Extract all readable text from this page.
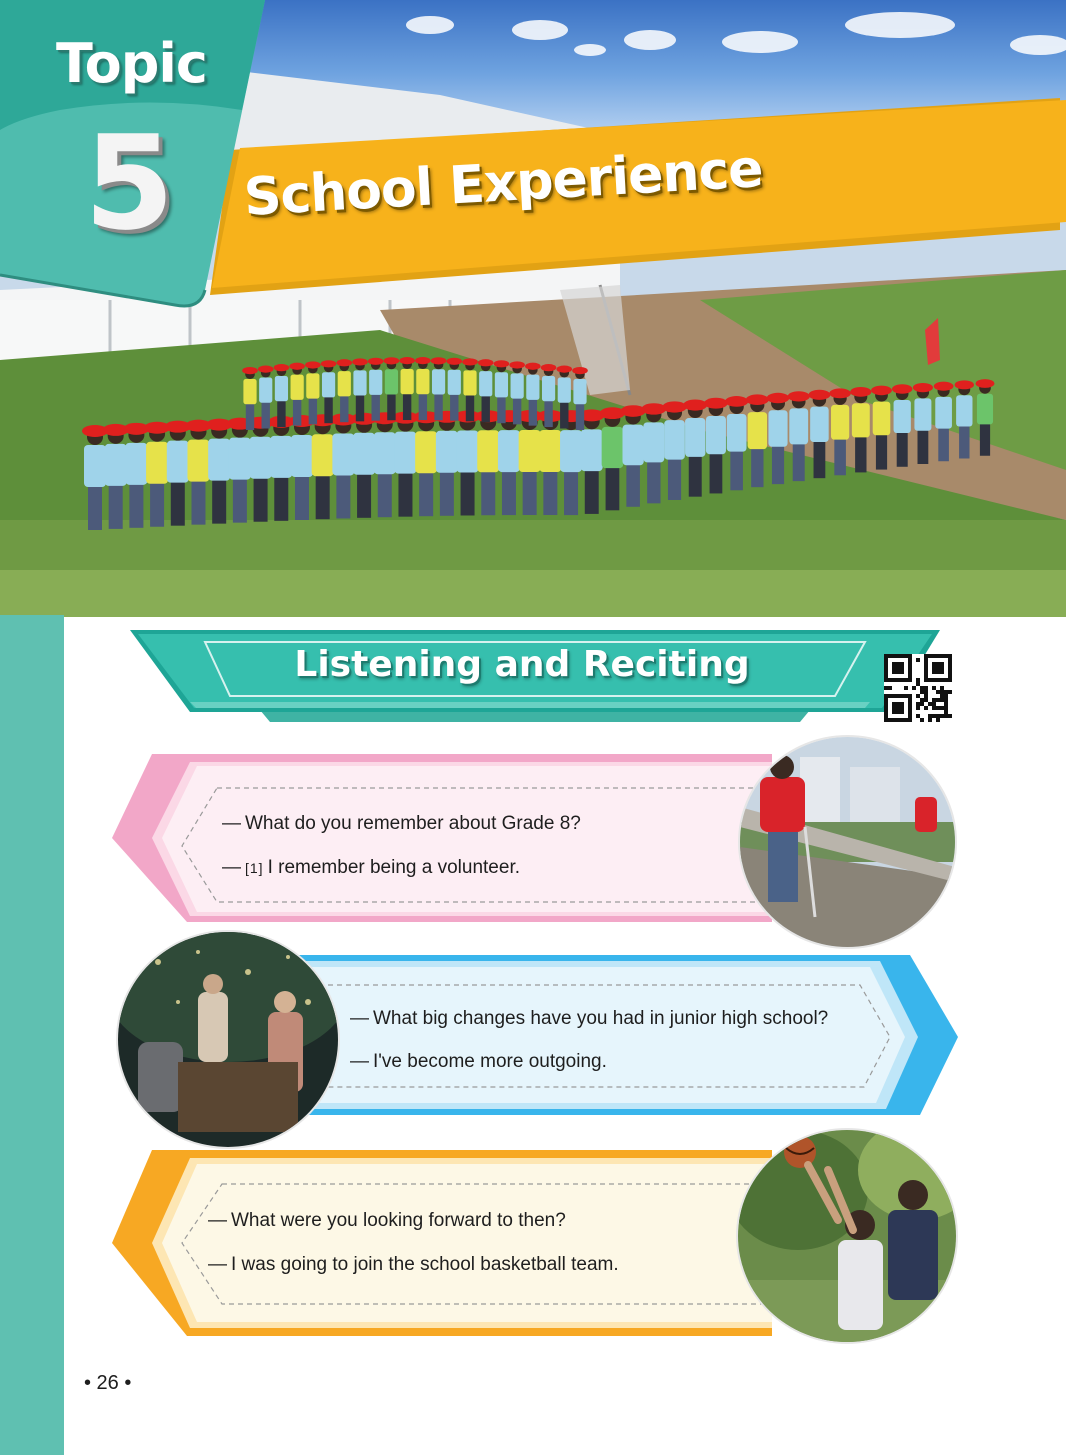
School Experience
Topic
5
Listening and Reciting
— What do you remember about Grade 8?
— [1] I remember being a volunteer.
— What big changes have you had in junior high school?
— I've become more outgoing.
— What were you looking forward to then?
— I was going to join the school basketball team.
• 26 •
